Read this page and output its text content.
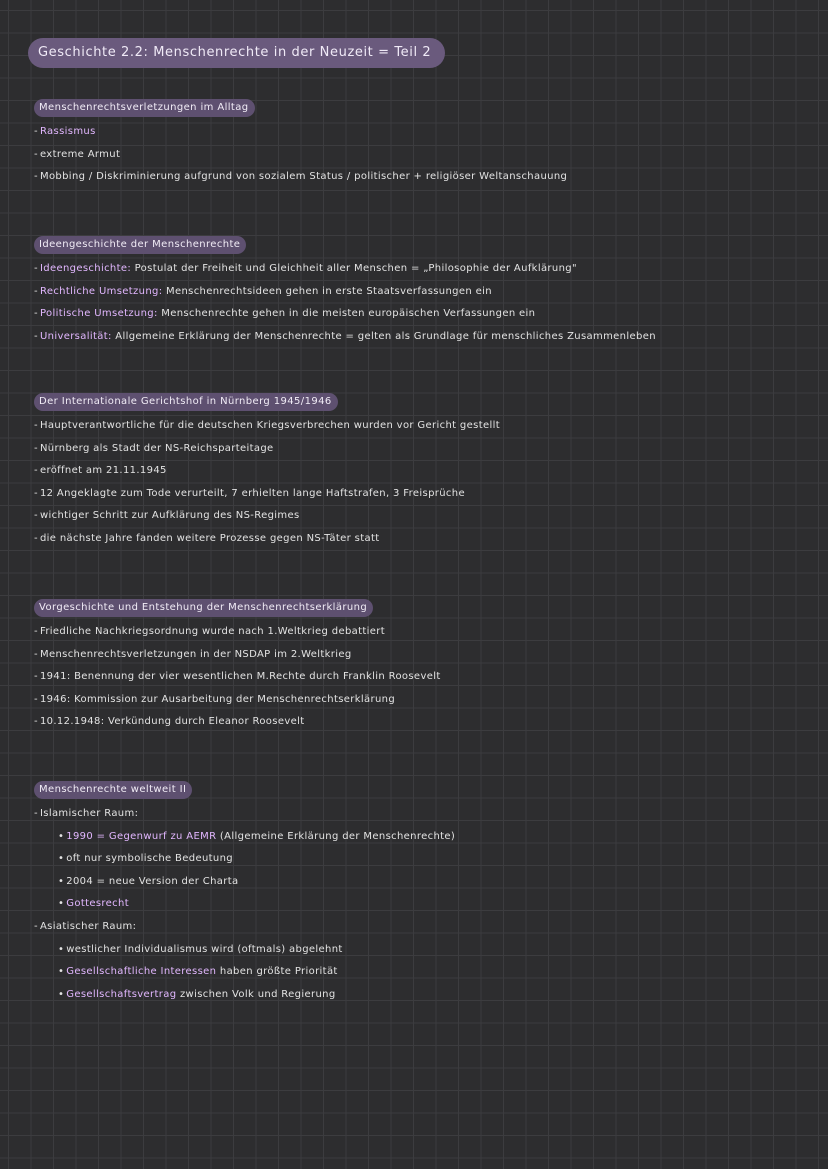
Geschichte 2.2: Menschenrechte in der Neuzeit = Teil 2
Menschenrechtsverletzungen im Alltag
- Rassismus
- extreme Armut
- Mobbing / Diskriminierung aufgrund von sozialem Status / politischer + religiöser Weltanschauung
Ideengeschichte der Menschenrechte
- Ideengeschichte: Postulat der Freiheit und Gleichheit aller Menschen = „Philosophie der Aufklärung"
- Rechtliche Umsetzung: Menschenrechtsideen gehen in erste Staatsverfassungen ein
- Politische Umsetzung: Menschenrechte gehen in die meisten europäischen Verfassungen ein
- Universalität: Allgemeine Erklärung der Menschenrechte = gelten als Grundlage für menschliches Zusammenleben
Der Internationale Gerichtshof in Nürnberg 1945/1946
- Hauptverantwortliche für die deutschen Kriegsverbrechen wurden vor Gericht gestellt
- Nürnberg als Stadt der NS-Reichsparteitage
- eröffnet am 21.11.1945
- 12 Angeklagte zum Tode verurteilt, 7 erhielten lange Haftstrafen, 3 Freisprüche
- wichtiger Schritt zur Aufklärung des NS-Regimes
- die nächste Jahre fanden weitere Prozesse gegen NS-Täter statt
Vorgeschichte und Entstehung der Menschenrechtserklärung
- Friedliche Nachkriegsordnung wurde nach 1.Weltkrieg debattiert
- Menschenrechtsverletzungen in der NSDAP im 2.Weltkrieg
- 1941: Benennung der vier wesentlichen M.Rechte durch Franklin Roosevelt
- 1946: Kommission zur Ausarbeitung der Menschenrechtserklärung
- 10.12.1948: Verkündung durch Eleanor Roosevelt
Menschenrechte weltweit II
- Islamischer Raum:
• 1990 = Gegenwurf zu AEMR (Allgemeine Erklärung der Menschenrechte)
• oft nur symbolische Bedeutung
• 2004 = neue Version der Charta
• Gottesrecht
- Asiatischer Raum:
• westlicher Individualismus wird (oftmals) abgelehnt
• Gesellschaftliche Interessen haben größte Priorität
• Gesellschaftsvertrag zwischen Volk und Regierung
